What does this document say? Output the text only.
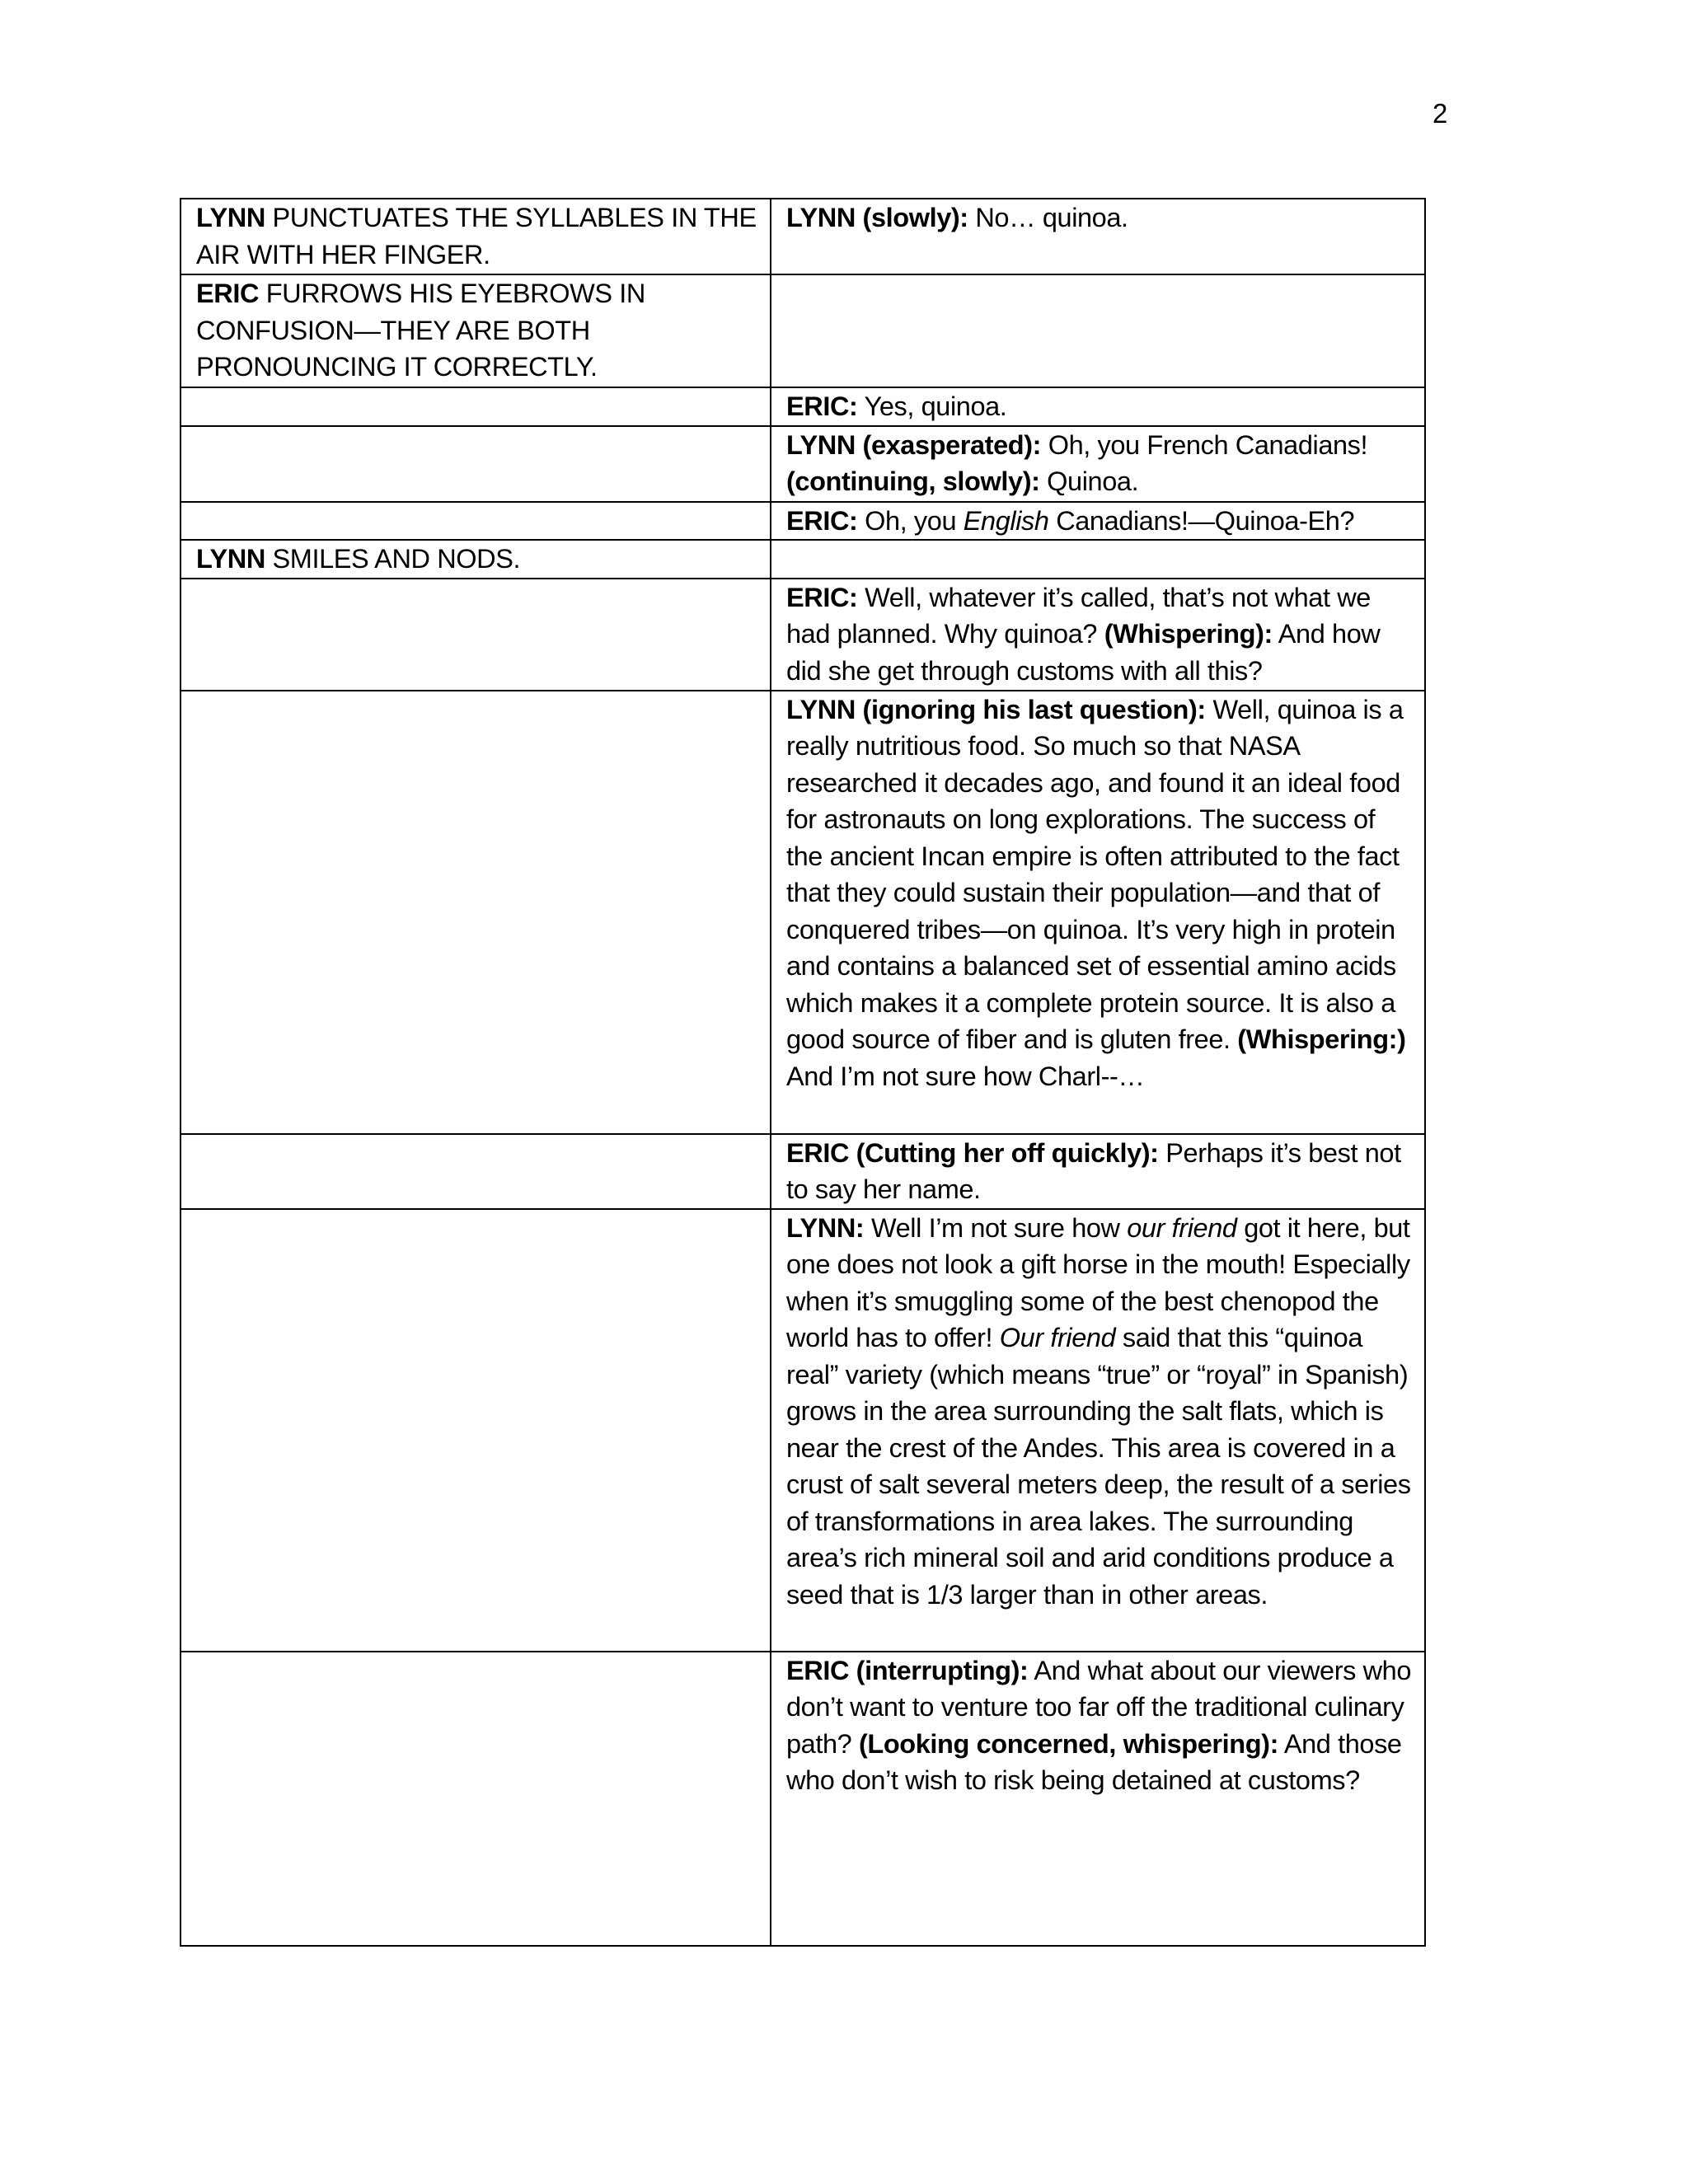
2
LYNN PUNCTUATES THE SYLLABLES IN THE AIR WITH HER FINGER.	LYNN (slowly): No… quinoa.
ERIC FURROWS HIS EYEBROWS IN CONFUSION—THEY ARE BOTH PRONOUNCING IT CORRECTLY.	
	ERIC: Yes, quinoa.
	LYNN (exasperated): Oh, you French Canadians! (continuing, slowly): Quinoa.
	ERIC: Oh, you English Canadians!—Quinoa-Eh?
LYNN SMILES AND NODS.	
	ERIC: Well, whatever it’s called, that’s not what we had planned. Why quinoa? (Whispering): And how did she get through customs with all this?
	LYNN (ignoring his last question): Well, quinoa is a really nutritious food. So much so that NASA researched it decades ago, and found it an ideal food for astronauts on long explorations. The success of the ancient Incan empire is often attributed to the fact that they could sustain their population—and that of conquered tribes—on quinoa. It’s very high in protein and contains a balanced set of essential amino acids which makes it a complete protein source. It is also a good source of fiber and is gluten free. (Whispering:) And I’m not sure how Charl--…
	ERIC (Cutting her off quickly): Perhaps it’s best not to say her name.
	LYNN: Well I’m not sure how our friend got it here, but one does not look a gift horse in the mouth! Especially when it’s smuggling some of the best chenopod the world has to offer! Our friend said that this “quinoa real” variety (which means “true” or “royal” in Spanish) grows in the area surrounding the salt flats, which is near the crest of the Andes. This area is covered in a crust of salt several meters deep, the result of a series of transformations in area lakes. The surrounding area’s rich mineral soil and arid conditions produce a seed that is 1/3 larger than in other areas.
	ERIC (interrupting): And what about our viewers who don’t want to venture too far off the traditional culinary path? (Looking concerned, whispering): And those who don’t wish to risk being detained at customs?
